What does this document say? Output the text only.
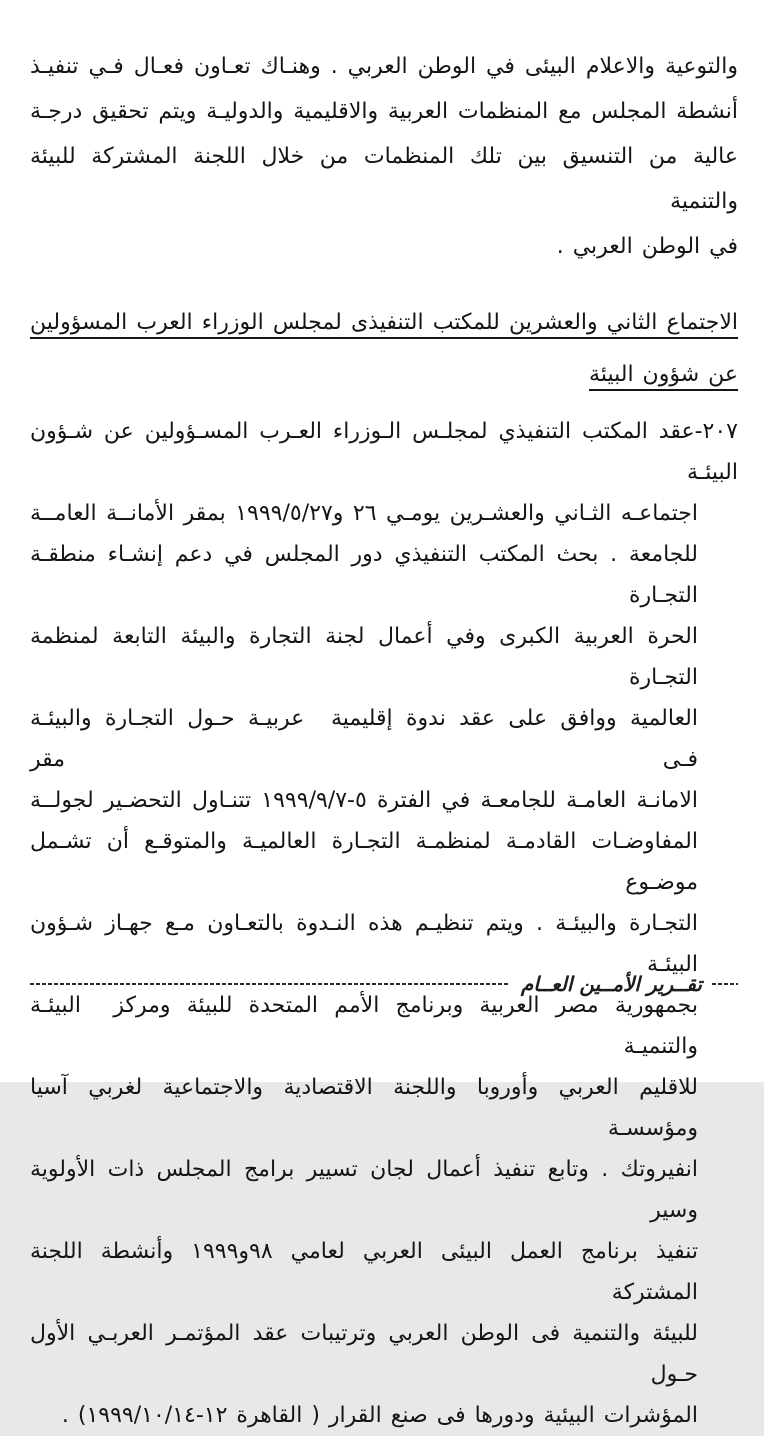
والتوعية والاعلام البيئى في الوطن العربي . وهنـاك تعـاون فعـال فـي تنفيـذ
أنشطة المجلس مع المنظمات العربية والاقليمية والدوليـة ويتم تحقيق درجـة
عالية من التنسيق بين تلك المنظمات من خلال اللجنة المشتركة للبيئة والتنمية
في الوطن العربي .
الاجتماع الثاني والعشرين للمكتب التنفيذى لمجلس الوزراء العرب المسؤولين
عن شؤون البيئة
٢٠٧-عقد المكتب التنفيذي لمجلـس الـوزراء العـرب المسـؤولين عن شـؤون البيئـة
اجتماعـه الثـاني والعشـرين يومـي ٢٦ و١٩٩٩/٥/٢٧ بمقر الأمانــة العامــة
للجامعة . بحث المكتب التنفيذي دور المجلس في دعم إنشـاء منطقـة التجـارة
الحرة العربية الكبرى وفي أعمال لجنة التجارة والبيئة التابعة لمنظمة التجـارة
العالمية ووافق على عقد ندوة إقليمية  عربيـة حـول التجـارة والبيئـة فـى مقر
الامانـة العامـة للجامعـة في الفترة ٥-١٩٩٩/٩/٧ تتنـاول التحضـير لجولــة
المفاوضـات القادمـة لمنظمـة التجـارة العالميـة والمتوقـع أن تشـمل موضـوع
التجـارة والبيئـة . ويتم تنظيـم هذه النـدوة بالتعـاون مـع جهـاز شـؤون البيئـة
بجمهورية مصر العربية وبرنامج الأمم المتحدة للبيئة ومركز  البيئـة والتنميـة
للاقليم العربي وأوروبا واللجنة الاقتصادية والاجتماعية لغربي آسيا ومؤسسـة
انفيروتك . وتابع تنفيذ أعمال لجان تسيير برامج المجلس ذات الأولوية وسير
تنفيذ برنامج العمل البيئى العربي لعامي ٩٨و١٩٩٩ وأنشطة اللجنة المشتركة
للبيئة والتنمية فى الوطن العربي وترتيبات عقد المؤتمـر العربـي الأول حـول
المؤشرات البيئية ودورها فى صنع القرار ( القاهرة ١٢-١٩٩٩/١٠/١٤) .
تقــرير الأمــين العــام
